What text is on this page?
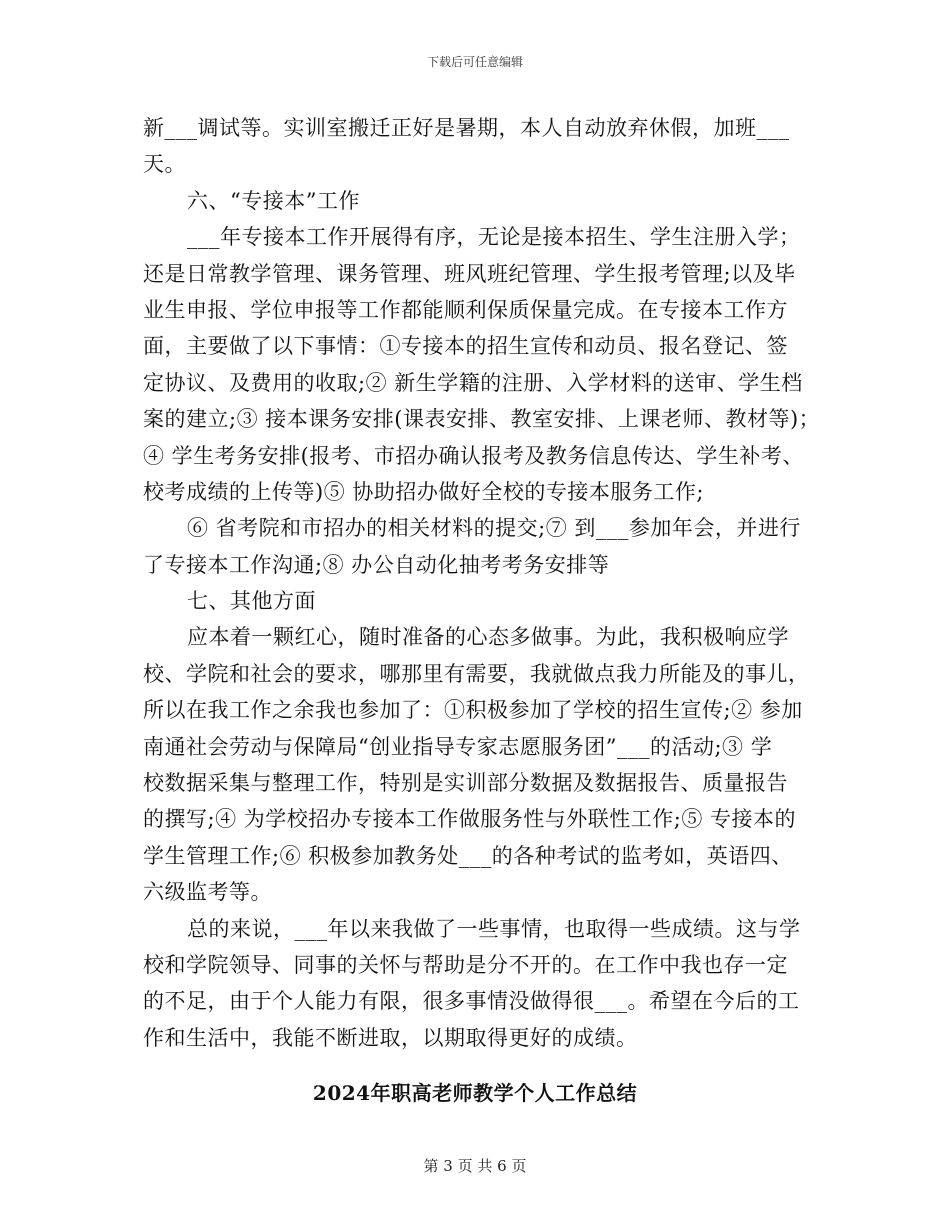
下载后可任意编辑
新___调试等。实训室搬迁正好是暑期，本人自动放弃休假，加班___
天。
六、“专接本”工作
___年专接本工作开展得有序，无论是接本招生、学生注册入学；
还是日常教学管理、课务管理、班风班纪管理、学生报考管理;以及毕
业生申报、学位申报等工作都能顺利保质保量完成。在专接本工作方
面，主要做了以下事情：①专接本的招生宣传和动员、报名登记、签
定协议、及费用的收取;② 新生学籍的注册、入学材料的送审、学生档
案的建立;③ 接本课务安排(课表安排、教室安排、上课老师、教材等)；
④ 学生考务安排(报考、市招办确认报考及教务信息传达、学生补考、
校考成绩的上传等)⑤ 协助招办做好全校的专接本服务工作;
⑥ 省考院和市招办的相关材料的提交;⑦ 到___参加年会，并进行
了专接本工作沟通;⑧ 办公自动化抽考考务安排等
七、其他方面
应本着一颗红心，随时准备的心态多做事。为此，我积极响应学
校、学院和社会的要求，哪那里有需要，我就做点我力所能及的事儿，
所以在我工作之余我也参加了：①积极参加了学校的招生宣传;② 参加
南通社会劳动与保障局“创业指导专家志愿服务团”___的活动;③ 学
校数据采集与整理工作，特别是实训部分数据及数据报告、质量报告
的撰写;④ 为学校招办专接本工作做服务性与外联性工作;⑤ 专接本的
学生管理工作;⑥ 积极参加教务处___的各种考试的监考如，英语四、
六级监考等。
总的来说，___年以来我做了一些事情，也取得一些成绩。这与学
校和学院领导、同事的关怀与帮助是分不开的。在工作中我也存一定
的不足，由于个人能力有限，很多事情没做得很___。希望在今后的工
作和生活中，我能不断进取，以期取得更好的成绩。
2024年职高老师教学个人工作总结
第 3 页 共 6 页
